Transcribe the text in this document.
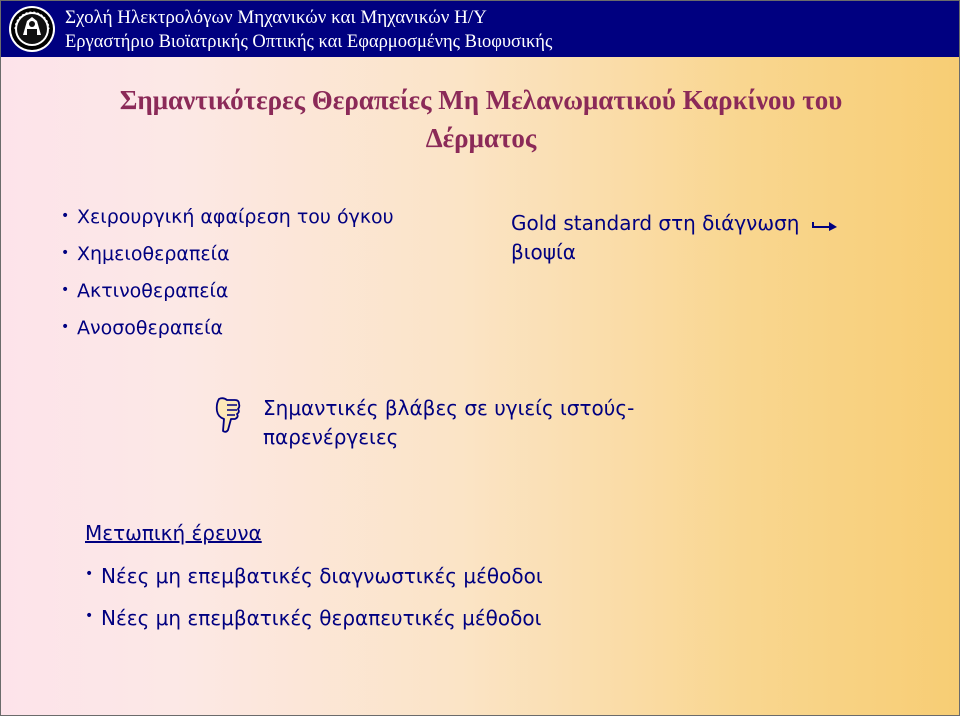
Σχολή Ηλεκτρολόγων Μηχανικών και Μηχανικών Η/Υ
Εργαστήριο Βιοϊατρικής Οπτικής και Εφαρμοσμένης Βιοφυσικής
Σημαντικότερες Θεραπείες Μη Μελανωματικού Καρκίνου του
Δέρματος
• Χειρουργική αφαίρεση του όγκου
• Χημειοθεραπεία
• Ακτινοθεραπεία
• Ανοσοθεραπεία
Gold standard στη διάγνωση
βιοψία
Σημαντικές βλάβες σε υγιείς ιστούς-
παρενέργειες
Μετωπική έρευνα
• Νέες μη επεμβατικές διαγνωστικές μέθοδοι
• Νέες μη επεμβατικές θεραπευτικές μέθοδοι
